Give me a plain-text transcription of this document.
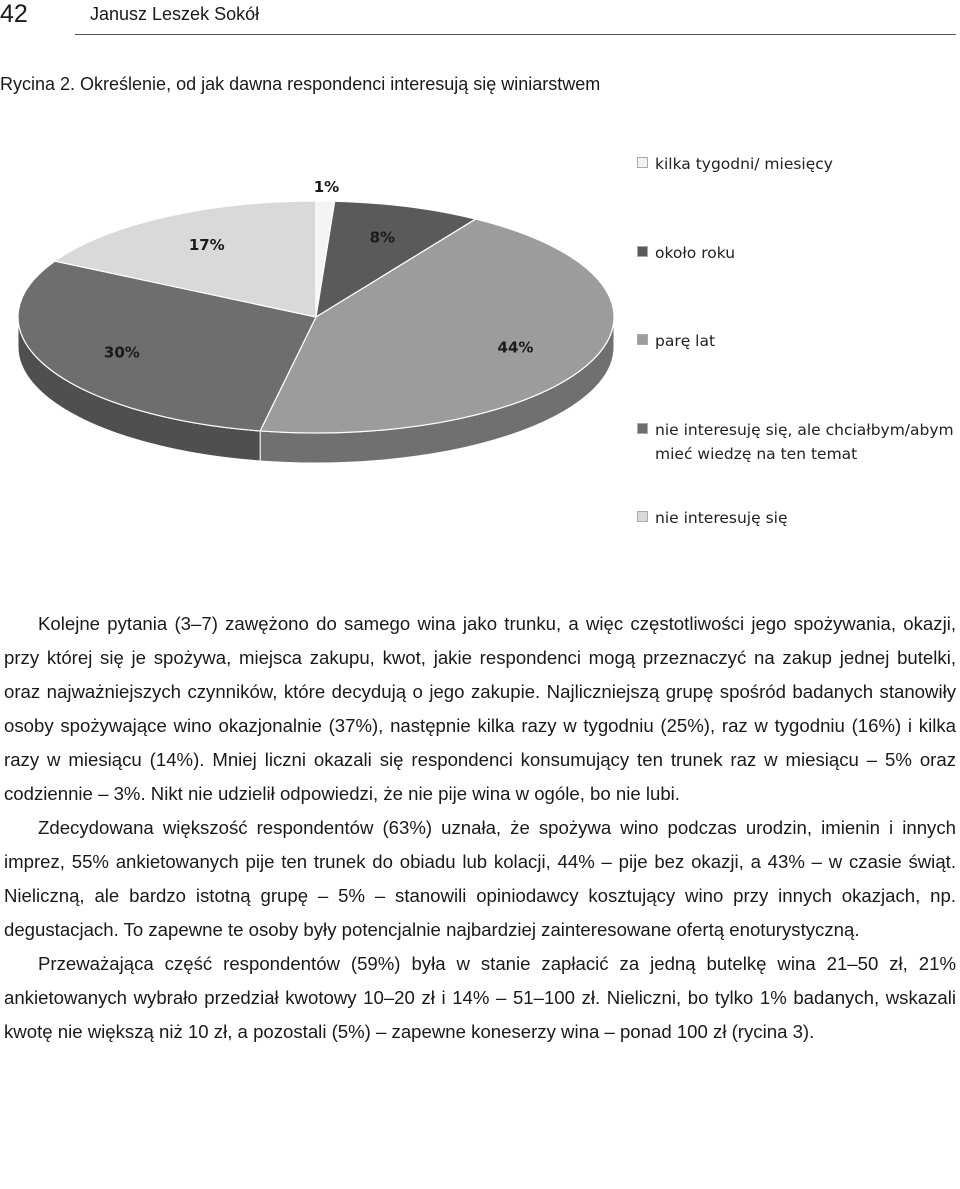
42	Janusz Leszek Sokół
Rycina 2. Określenie, od jak dawna respondenci interesują się winiarstwem
1%
8%
44%
30%
17%
kilka tygodni/ miesięcy
około roku
parę lat
nie interesuję się, ale chciałbym/abym mieć wiedzę na ten temat
nie interesuję się

Kolejne pytania (3–7) zawężono do samego wina jako trunku, a więc częstotliwości jego spożywania, okazji, przy której się je spożywa, miejsca zakupu, kwot, jakie respondenci mogą przeznaczyć na zakup jednej butelki, oraz najważniejszych czynników, które decydują o jego zakupie. Najliczniejszą grupę spośród badanych stanowiły osoby spożywające wino okazjonalnie (37%), następnie kilka razy w tygodniu (25%), raz w tygodniu (16%) i kilka razy w miesiącu (14%). Mniej liczni okazali się respondenci konsumujący ten trunek raz w miesiącu – 5% oraz codziennie – 3%. Nikt nie udzielił odpowiedzi, że nie pije wina w ogóle, bo nie lubi.

Zdecydowana większość respondentów (63%) uznała, że spożywa wino podczas urodzin, imienin i innych imprez, 55% ankietowanych pije ten trunek do obiadu lub kolacji, 44% – pije bez okazji, a 43% – w czasie świąt. Nieliczną, ale bardzo istotną grupę – 5% – stanowili opiniodawcy kosztujący wino przy innych okazjach, np. degustacjach. To zapewne te osoby były potencjalnie najbardziej zainteresowane ofertą enoturystyczną.

Przeważająca część respondentów (59%) była w stanie zapłacić za jedną butelkę wina 21–50 zł, 21% ankietowanych wybrało przedział kwotowy 10–20 zł i 14% – 51–100 zł. Nieliczni, bo tylko 1% badanych, wskazali kwotę nie większą niż 10 zł, a pozostali (5%) – zapewne koneserzy wina – ponad 100 zł (rycina 3).
